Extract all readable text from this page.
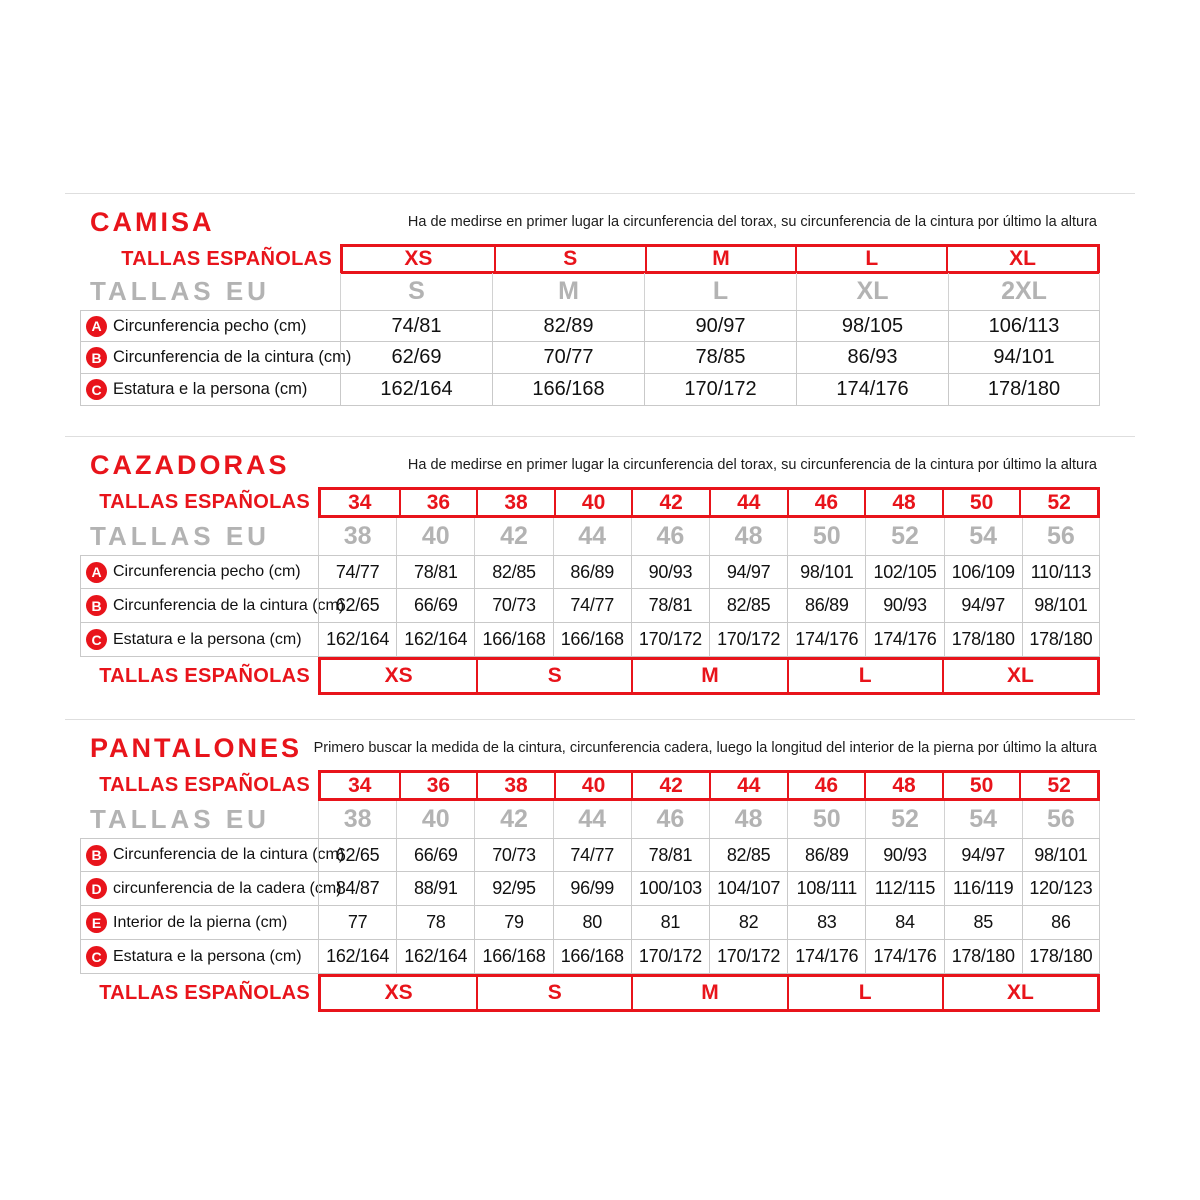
CAMISA	Ha de medirse en primer lugar la circunferencia del torax, su circunferencia de la cintura por último la altura

TALLAS ESPAÑOLAS	XS	S	M	L	XL
TALLAS EU	S	M	L	XL	2XL
A Circunferencia pecho (cm)	74/81	82/89	90/97	98/105	106/113
B Circunferencia de la cintura (cm)	62/69	70/77	78/85	86/93	94/101
C Estatura e la persona (cm)	162/164	166/168	170/172	174/176	178/180
CAZADORAS	Ha de medirse en primer lugar la circunferencia del torax, su circunferencia de la cintura por último la altura

TALLAS ESPAÑOLAS	34	36	38	40	42	44	46	48	50	52
TALLAS EU	38	40	42	44	46	48	50	52	54	56
A Circunferencia pecho (cm)	74/77	78/81	82/85	86/89	90/93	94/97	98/101	102/105 106/109 110/113
B Circunferencia de la cintura (cm)
62/65	66/69	70/73	74/77	78/81	82/85	86/89	90/93	94/97	98/101
C Estatura e la persona (cm)	162/164 162/164 166/168 166/168 170/172 170/172 174/176 174/176 178/180 178/180
TALLAS ESPAÑOLAS	XS	S	M	L	XL
PANTALONES Primero buscar la medida de la cintura, circunferencia cadera, luego la longitud del interior de la pierna por último la altura

TALLAS ESPAÑOLAS	34	36	38	40	42	44	46	48	50	52
TALLAS EU	38	40	42	44	46	48	50	52	54	56
B Circunferencia de la cintura (cm)
62/65	66/69	70/73	74/77	78/81	82/85	86/89	90/93	94/97	98/101
D circunferencia de la cadera (cm)
84/87	88/91	92/95	96/99	100/103 104/107 108/111 112/115 116/119 120/123
E Interior de la pierna (cm)	77	78	79	80	81	82	83	84	85	86
C Estatura e la persona (cm)	162/164 162/164 166/168 166/168 170/172 170/172 174/176 174/176 178/180 178/180
TALLAS ESPAÑOLAS	XS	S	M	L	XL
